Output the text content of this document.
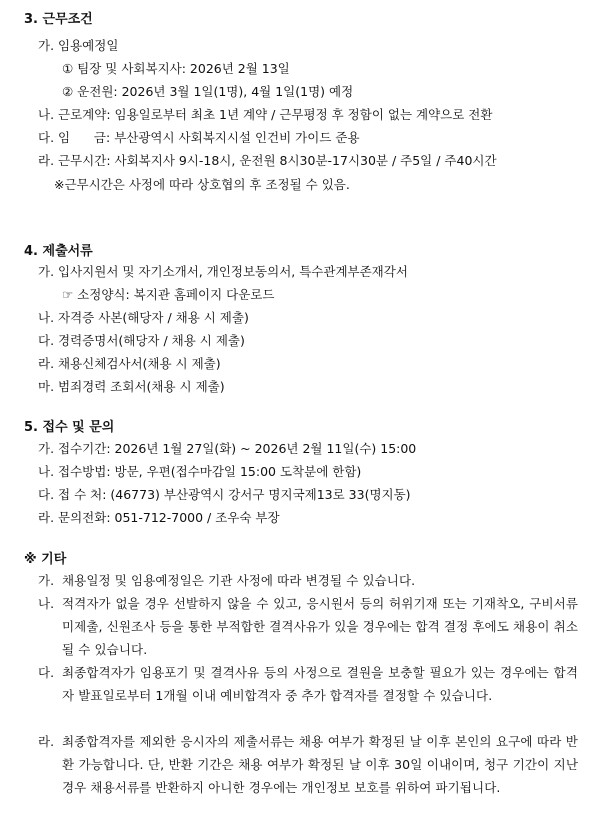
3. 근무조건
가. 임용예정일
① 팀장 및 사회복지사: 2026년 2월 13일
② 운전원: 2026년 3월 1일(1명), 4월 1일(1명) 예정
나. 근로계약: 임용일로부터 최초 1년 계약 / 근무평정 후 정함이 없는 계약으로 전환
다. 임      금: 부산광역시 사회복지시설 인건비 가이드 준용
라. 근무시간: 사회복지사 9시-18시, 운전원 8시30분-17시30분 / 주5일 / 주40시간
※근무시간은 사정에 따라 상호협의 후 조정될 수 있음.
4. 제출서류
가. 입사지원서 및 자기소개서, 개인정보동의서, 특수관계부존재각서
☞ 소정양식: 복지관 홈페이지 다운로드
나. 자격증 사본(해당자 / 채용 시 제출)
다. 경력증명서(해당자 / 채용 시 제출)
라. 채용신체검사서(채용 시 제출)
마. 범죄경력 조회서(채용 시 제출)
5. 접수 및 문의
가. 접수기간: 2026년 1월 27일(화) ~ 2026년 2월 11일(수) 15:00
나. 접수방법: 방문, 우편(접수마감일 15:00 도착분에 한함)
다. 접 수 처: (46773) 부산광역시 강서구 명지국제13로 33(명지동)
라. 문의전화: 051-712-7000 / 조우숙 부장
※ 기타
가. 채용일정 및 임용예정일은 기관 사정에 따라 변경될 수 있습니다.
나. 적격자가 없을 경우 선발하지 않을 수 있고, 응시원서 등의 허위기재 또는 기재착오, 구비서류 미제출, 신원조사 등을 통한 부적합한 결격사유가 있을 경우에는 합격 결정 후에도 채용이 취소될 수 있습니다.
다. 최종합격자가 임용포기 및 결격사유 등의 사정으로 결원을 보충할 필요가 있는 경우에는 합격자 발표일로부터 1개월 이내 예비합격자 중 추가 합격자를 결정할 수 있습니다.
라. 최종합격자를 제외한 응시자의 제출서류는 채용 여부가 확정된 날 이후 본인의 요구에 따라 반환 가능합니다. 단, 반환 기간은 채용 여부가 확정된 날 이후 30일 이내이며, 청구 기간이 지난 경우 채용서류를 반환하지 아니한 경우에는 개인정보 보호를 위하여 파기됩니다.
